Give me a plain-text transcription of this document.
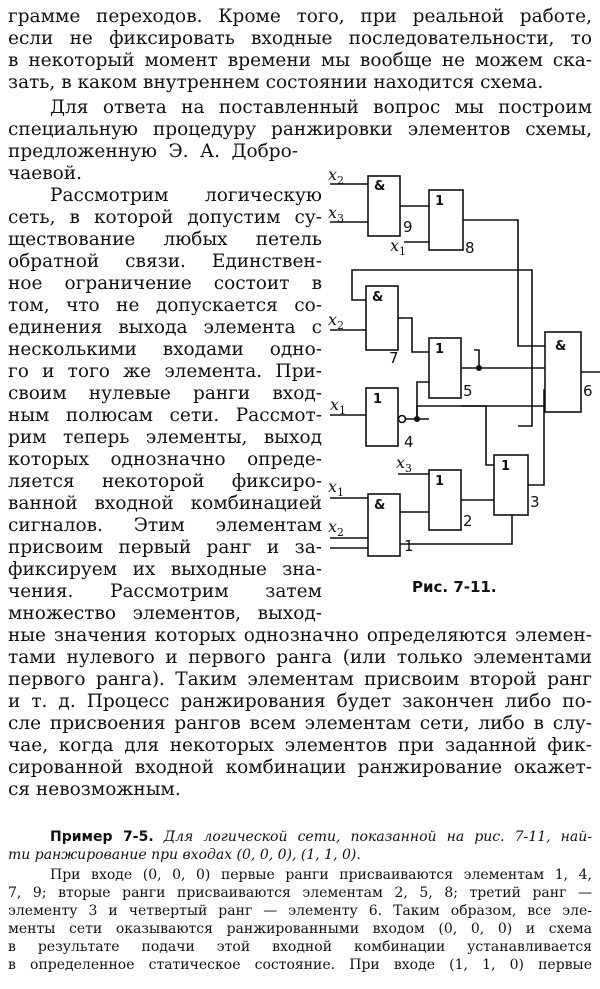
грамме переходов. Кроме того, при реальной работе,
если не фиксировать входные последовательности, то
в некоторый момент времени мы вообще не можем ска-
зать, в каком внутреннем состоянии находится схема.
Для ответа на поставленный вопрос мы построим
специальную процедуру ранжировки элементов схемы,
предложенную Э. А. Добро-
чаевой.
Рассмотрим логическую
сеть, в которой допустим су-
ществование любых петель
обратной связи. Единствен-
ное ограничение состоит в
том, что не допускается со-
единения выхода элемента с
несколькими входами одно-
го и того же элемента. При-
своим нулевые ранги вход-
ным полюсам сети. Рассмот-
рим теперь элементы, выход
которых однозначно опреде-
ляется некоторой фиксиро-
ванной входной комбинацией
сигналов. Этим элементам
присвоим первый ранг и за-
фиксируем их выходные зна-
чения. Рассмотрим затем
множество элементов, выход-
Рис. 7-11.
ные значения которых однозначно определяются элемен-
тами нулевого и первого ранга (или только элементами
первого ранга). Таким элементам присвоим второй ранг
и т. д. Процесс ранжирования будет закончен либо по-
сле присвоения рангов всем элементам сети, либо в слу-
чае, когда для некоторых элементов при заданной фик-
сированной входной комбинации ранжирование окажет-
ся невозможным.
Пример 7-5. Для логической сети, показанной на рис. 7-11, най-
ти ранжирование при входах (0, 0, 0), (1, 1, 0).
При входе (0, 0, 0) первые ранги присваиваются элементам 1, 4,
7, 9; вторые ранги присваиваются элементам 2, 5, 8; третий ранг —
элементу 3 и четвертый ранг — элементу 6. Таким образом, все эле-
менты сети оказываются ранжированными входом (0, 0, 0) и схема
в результате подачи этой входной комбинации устанавливается
в определенное статическое состояние. При входе (1, 1, 0) первые
&
9
1
8
&
7	1
5
1
4
&
6
1
3
1
2
&
1
$x_2$
$x_3$
$x_1$
$x_2$
$x_1$
$x_3$
$x_1$
$x_2$
